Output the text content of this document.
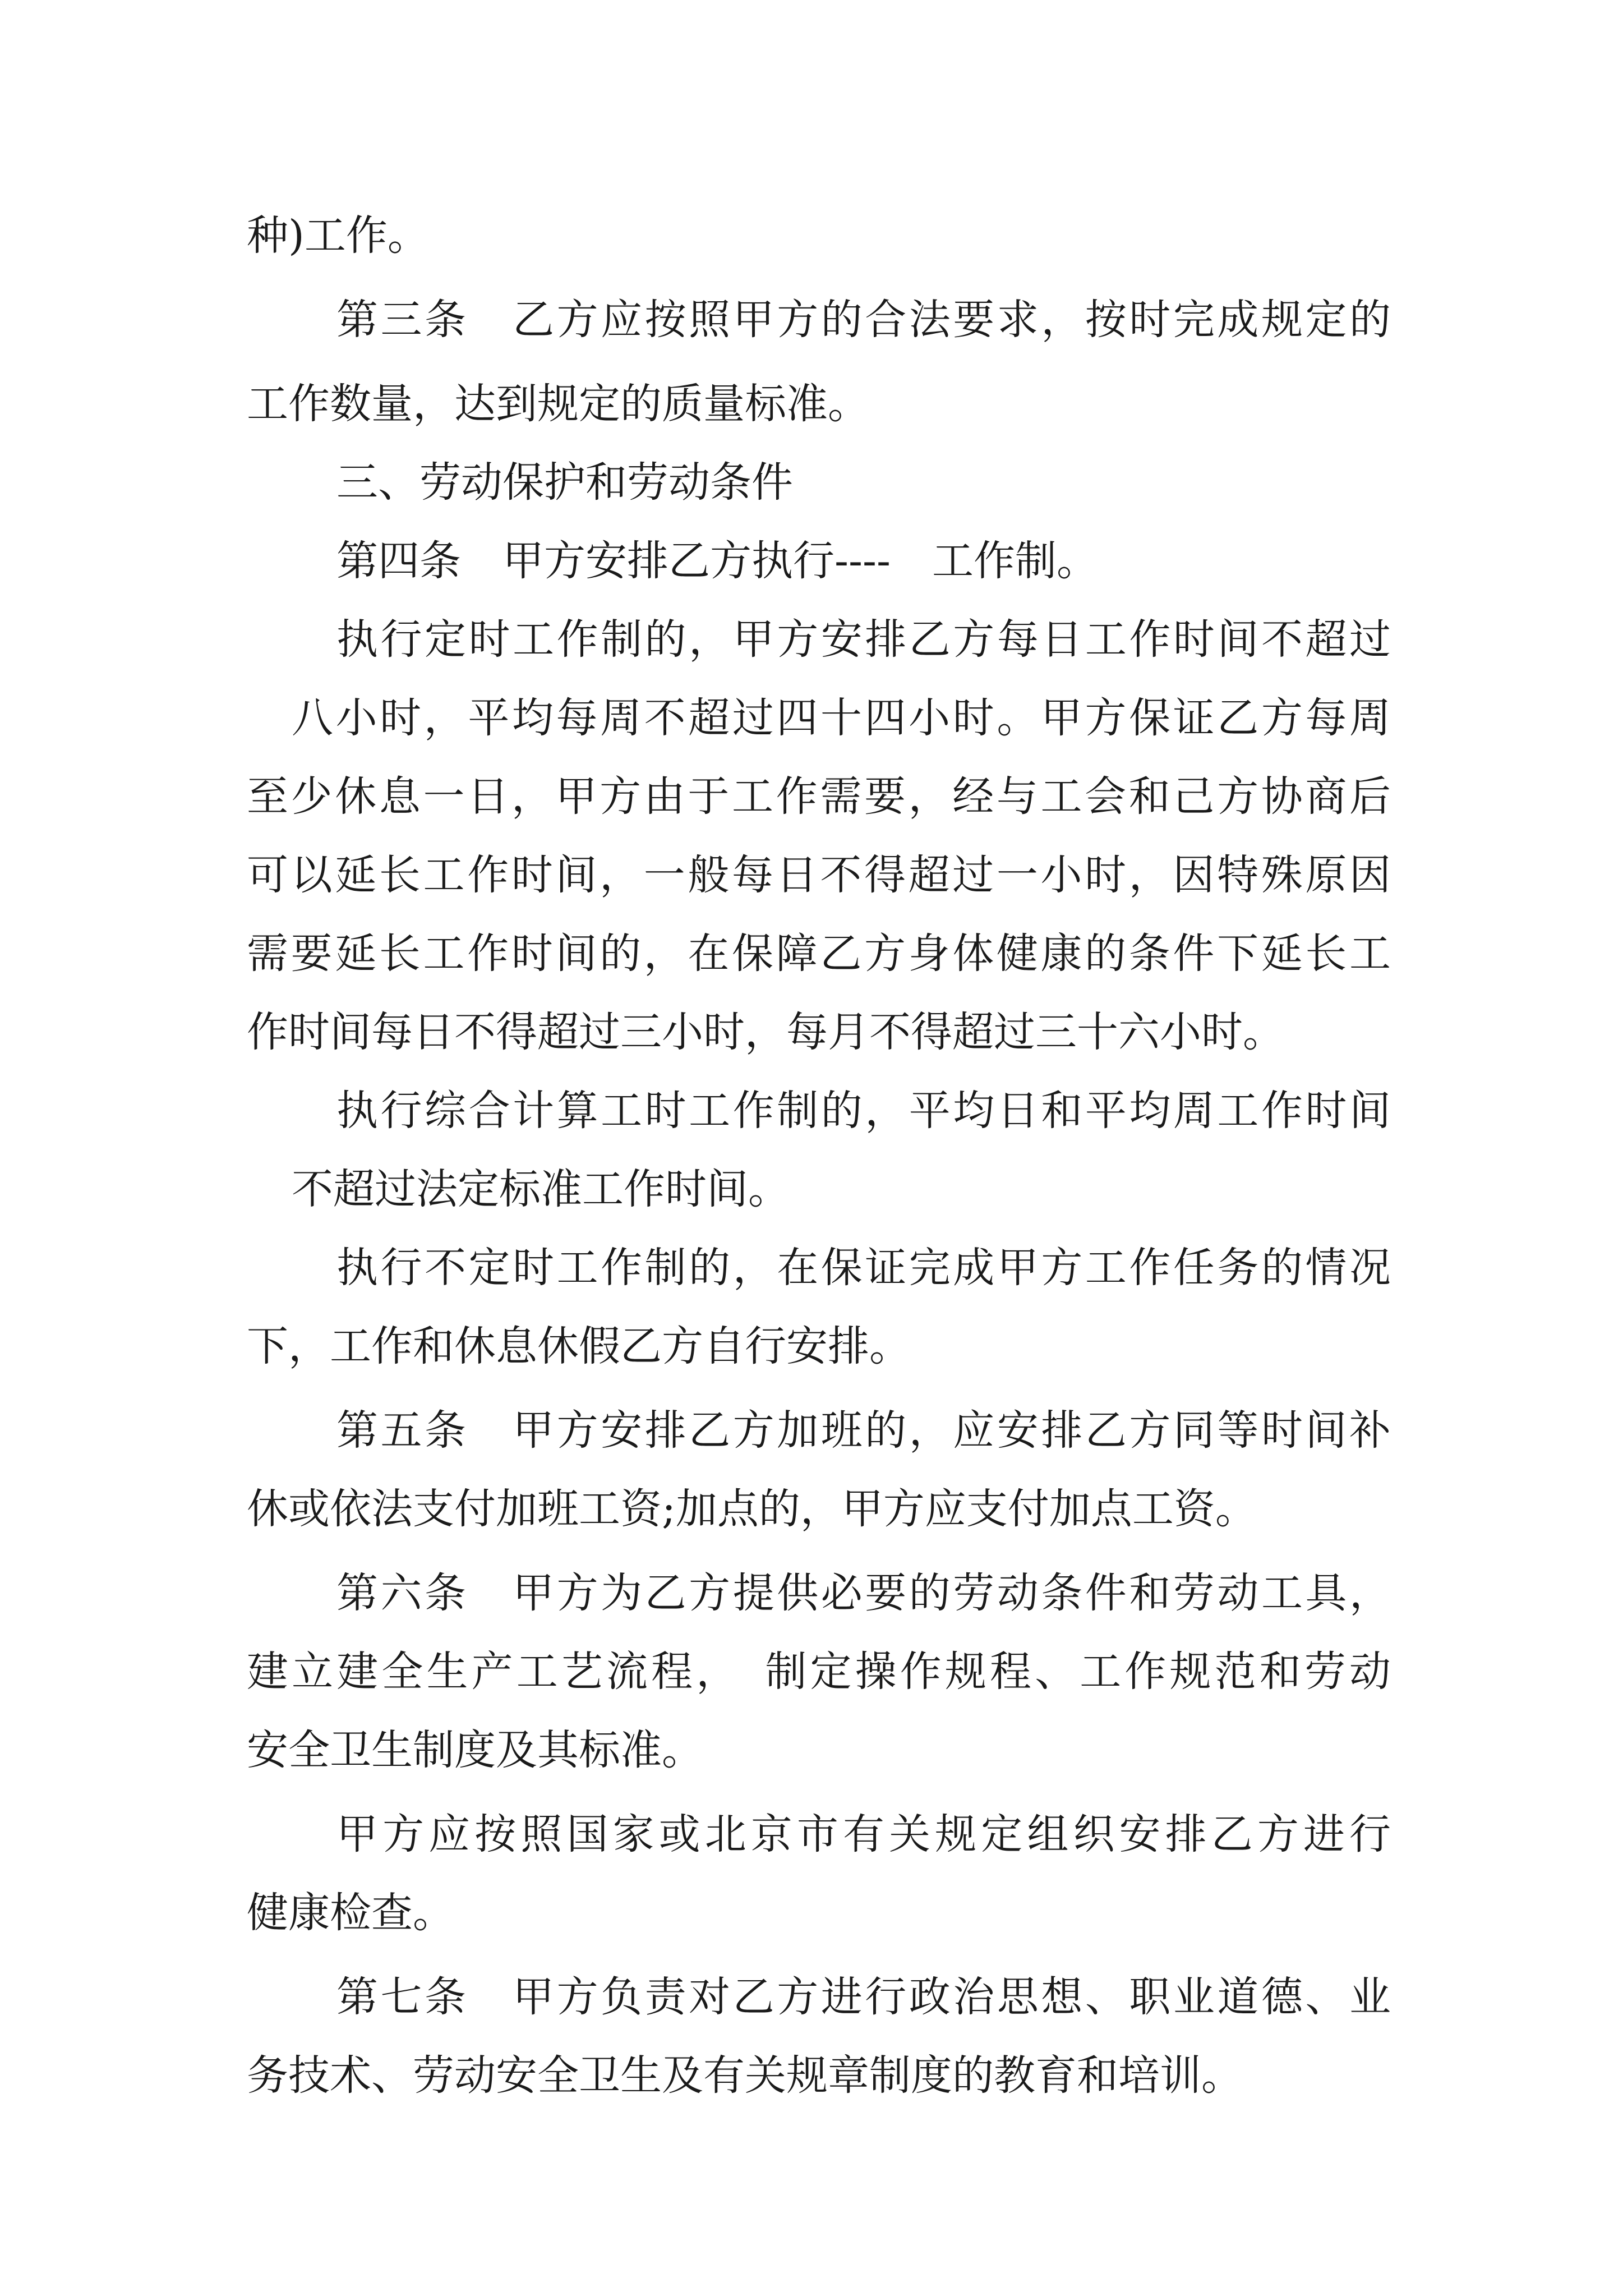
种)工作。
第三条　乙方应按照甲方的合法要求，按时完成规定的
工作数量，达到规定的质量标准。
三、劳动保护和劳动条件
第四条　甲方安排乙方执行----　工作制。
执行定时工作制的，甲方安排乙方每日工作时间不超过
八小时，平均每周不超过四十四小时。甲方保证乙方每周
至少休息一日，甲方由于工作需要，经与工会和己方协商后
可以延长工作时间，一般每日不得超过一小时，因特殊原因
需要延长工作时间的，在保障乙方身体健康的条件下延长工
作时间每日不得超过三小时，每月不得超过三十六小时。
执行综合计算工时工作制的，平均日和平均周工作时间
不超过法定标准工作时间。
执行不定时工作制的，在保证完成甲方工作任务的情况
下，工作和休息休假乙方自行安排。
第五条　甲方安排乙方加班的，应安排乙方同等时间补
休或依法支付加班工资;加点的，甲方应支付加点工资。
第六条　甲方为乙方提供必要的劳动条件和劳动工具，
建立建全生产工艺流程，　制定操作规程、工作规范和劳动
安全卫生制度及其标准。
甲方应按照国家或北京市有关规定组织安排乙方进行
健康检查。
第七条　甲方负责对乙方进行政治思想、职业道德、业
务技术、劳动安全卫生及有关规章制度的教育和培训。
